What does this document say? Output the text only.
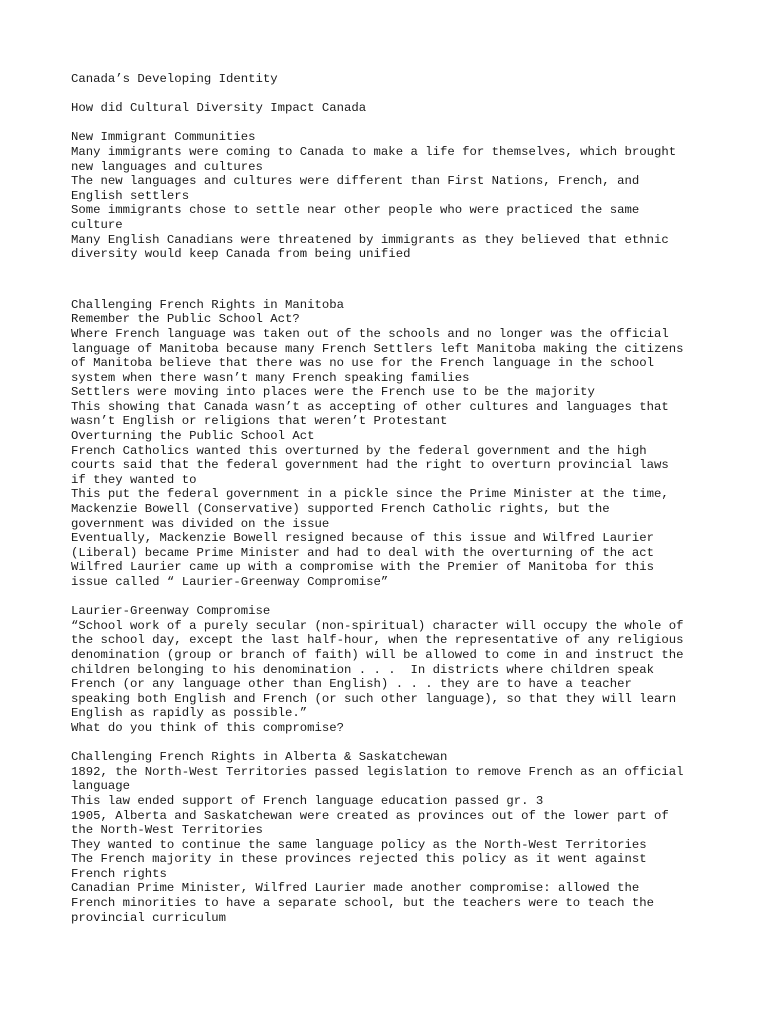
Canada’s Developing Identity

How did Cultural Diversity Impact Canada

New Immigrant Communities

Many immigrants were coming to Canada to make a life for themselves, which brought
new languages and cultures

The new languages and cultures were different than First Nations, French, and
English settlers

Some immigrants chose to settle near other people who were practiced the same
culture

Many English Canadians were threatened by immigrants as they believed that ethnic
diversity would keep Canada from being unified

Challenging French Rights in Manitoba

Remember the Public School Act?

Where French language was taken out of the schools and no longer was the official
language of Manitoba because many French Settlers left Manitoba making the citizens
of Manitoba believe that there was no use for the French language in the school
system when there wasn’t many French speaking families

Settlers were moving into places were the French use to be the majority

This showing that Canada wasn’t as accepting of other cultures and languages that
wasn’t English or religions that weren’t Protestant

Overturning the Public School Act

French Catholics wanted this overturned by the federal government and the high
courts said that the federal government had the right to overturn provincial laws
if they wanted to

This put the federal government in a pickle since the Prime Minister at the time,
Mackenzie Bowell (Conservative) supported French Catholic rights, but the
government was divided on the issue

Eventually, Mackenzie Bowell resigned because of this issue and Wilfred Laurier
(Liberal) became Prime Minister and had to deal with the overturning of the act

Wilfred Laurier came up with a compromise with the Premier of Manitoba for this
issue called “ Laurier-Greenway Compromise”

Laurier-Greenway Compromise

“School work of a purely secular (non-spiritual) character will occupy the whole of
the school day, except the last half-hour, when the representative of any religious
denomination (group or branch of faith) will be allowed to come in and instruct the
children belonging to his denomination . . .  In districts where children speak
French (or any language other than English) . . . they are to have a teacher
speaking both English and French (or such other language), so that they will learn
English as rapidly as possible.”

What do you think of this compromise?

Challenging French Rights in Alberta & Saskatchewan

1892, the North-West Territories passed legislation to remove French as an official
language

This law ended support of French language education passed gr. 3

1905, Alberta and Saskatchewan were created as provinces out of the lower part of
the North-West Territories

They wanted to continue the same language policy as the North-West Territories

The French majority in these provinces rejected this policy as it went against
French rights

Canadian Prime Minister, Wilfred Laurier made another compromise: allowed the
French minorities to have a separate school, but the teachers were to teach the
provincial curriculum
